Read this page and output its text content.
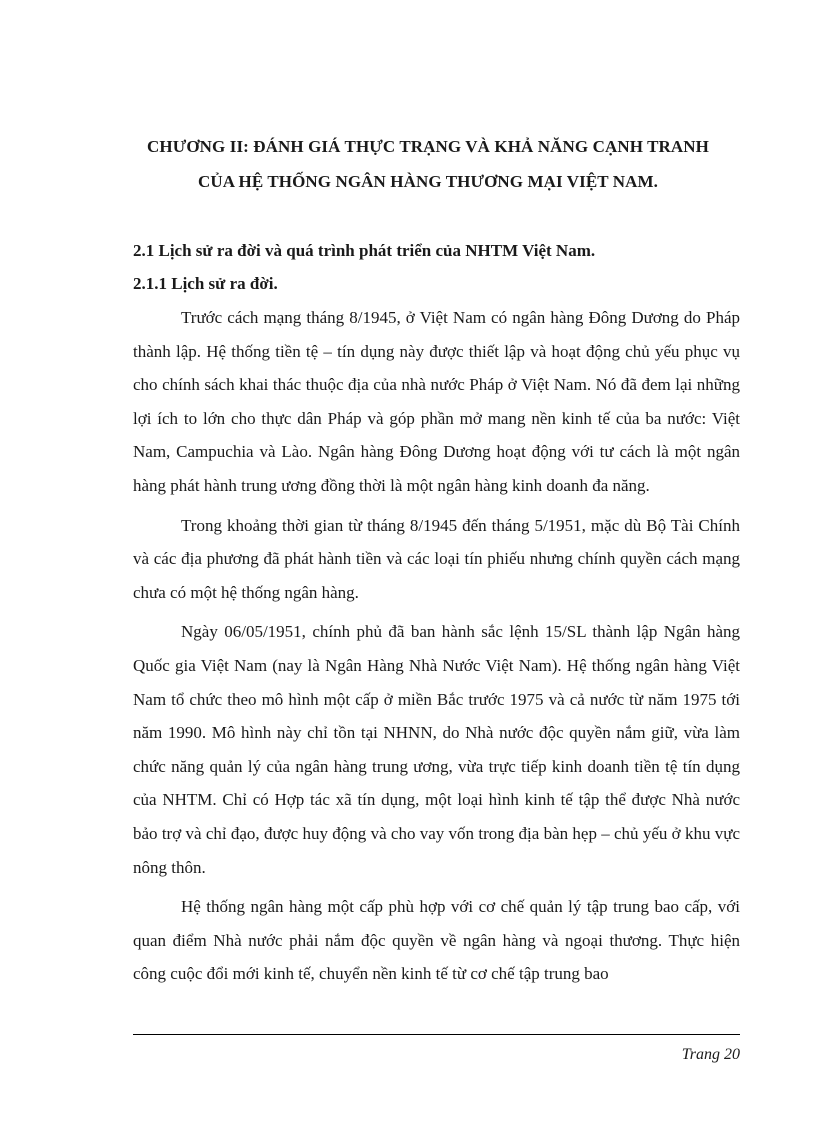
CHƯƠNG II: ĐÁNH GIÁ THỰC TRẠNG VÀ KHẢ NĂNG CẠNH TRANH
CỦA HỆ THỐNG NGÂN HÀNG THƯƠNG MẠI VIỆT NAM.
2.1 Lịch sử ra đời và quá trình phát triển của NHTM Việt Nam.
2.1.1 Lịch sử ra đời.

Trước cách mạng tháng 8/1945, ở Việt Nam có ngân hàng Đông Dương do Pháp thành lập. Hệ thống tiền tệ – tín dụng này được thiết lập và hoạt động chủ yếu phục vụ cho chính sách khai thác thuộc địa của nhà nước Pháp ở Việt Nam. Nó đã đem lại những lợi ích to lớn cho thực dân Pháp và góp phần mở mang nền kinh tế của ba nước: Việt Nam, Campuchia và Lào. Ngân hàng Đông Dương hoạt động với tư cách là một ngân hàng phát hành trung ương đồng thời là một ngân hàng kinh doanh đa năng.

Trong khoảng thời gian từ tháng 8/1945 đến tháng 5/1951, mặc dù Bộ Tài Chính và các địa phương đã phát hành tiền và các loại tín phiếu nhưng chính quyền cách mạng chưa có một hệ thống ngân hàng.

Ngày 06/05/1951, chính phủ đã ban hành sắc lệnh 15/SL thành lập Ngân hàng Quốc gia Việt Nam (nay là Ngân Hàng Nhà Nước Việt Nam). Hệ thống ngân hàng Việt Nam tổ chức theo mô hình một cấp ở miền Bắc trước 1975 và cả nước từ năm 1975 tới năm 1990. Mô hình này chỉ tồn tại NHNN, do Nhà nước độc quyền nắm giữ, vừa làm chức năng quản lý của ngân hàng trung ương, vừa trực tiếp kinh doanh tiền tệ tín dụng của NHTM. Chỉ có Hợp tác xã tín dụng, một loại hình kinh tế tập thể được Nhà nước bảo trợ và chỉ đạo, được huy động và cho vay vốn trong địa bàn hẹp – chủ yếu ở khu vực nông thôn.

Hệ thống ngân hàng một cấp phù hợp với cơ chế quản lý tập trung bao cấp, với quan điểm Nhà nước phải nắm độc quyền về ngân hàng và ngoại thương. Thực hiện công cuộc đổi mới kinh tế, chuyển nền kinh tế từ cơ chế tập trung bao

Trang 20
